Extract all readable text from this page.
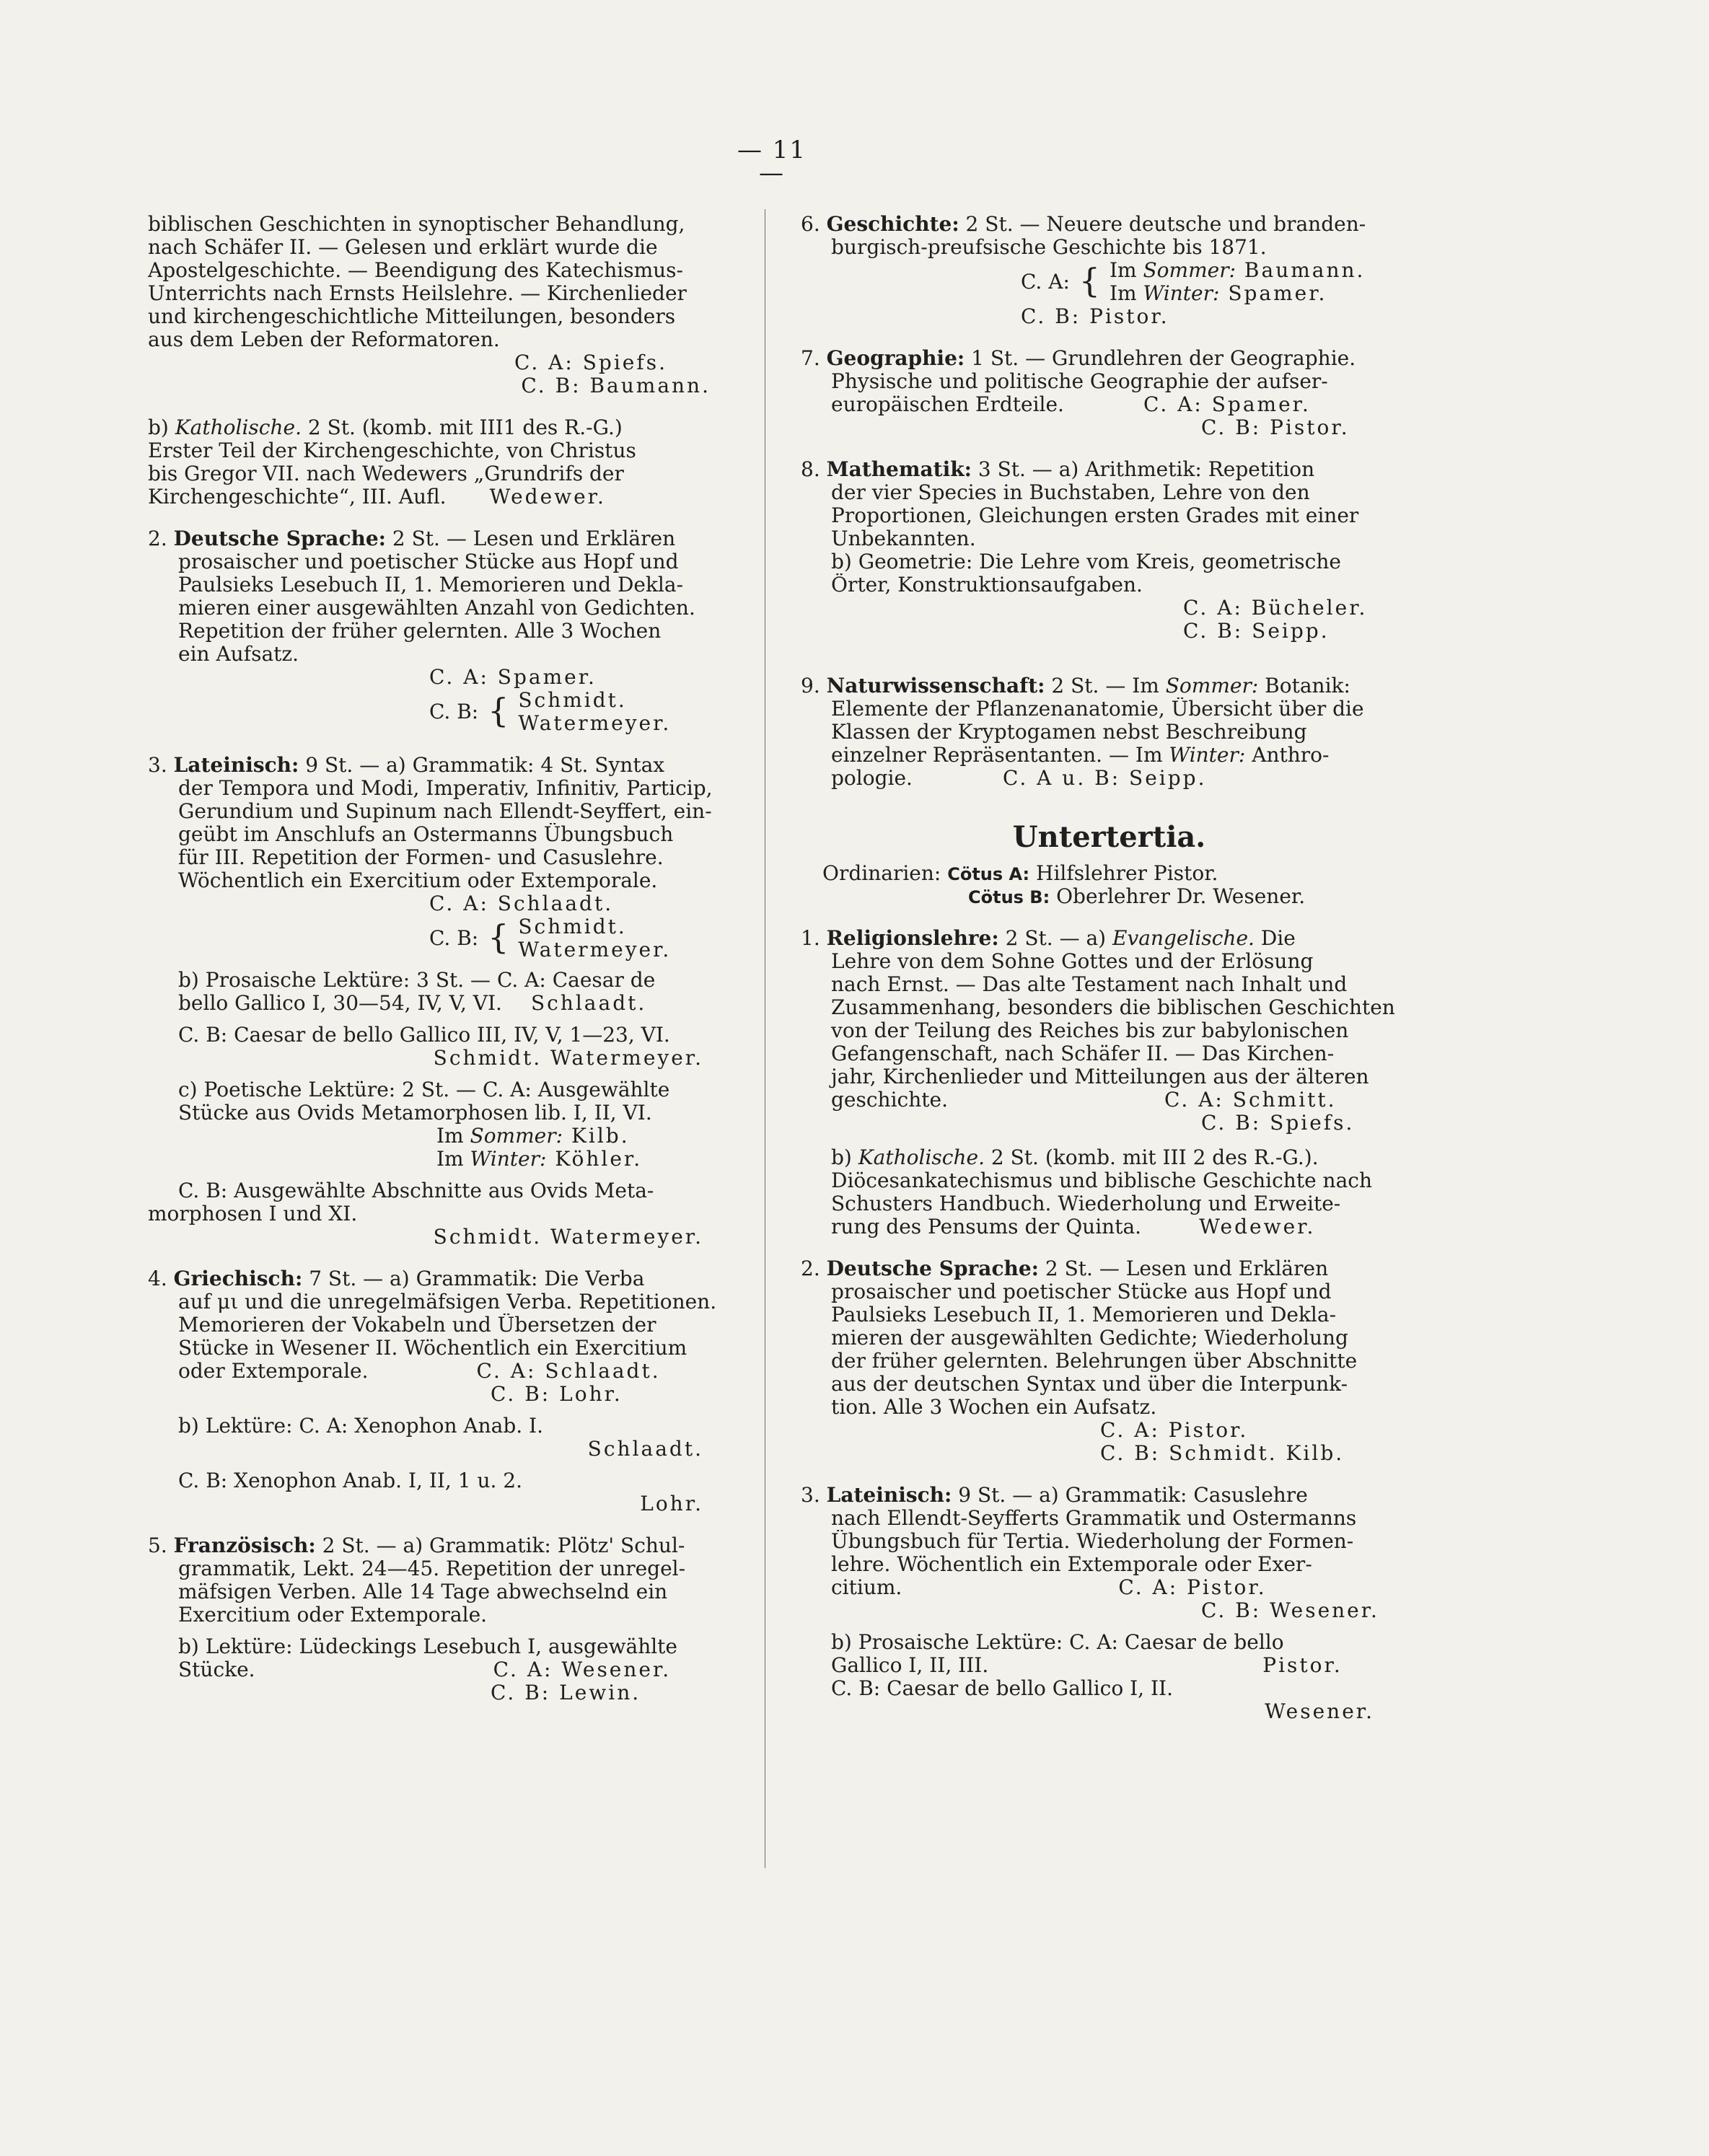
— 11 —
biblischen Geschichten in synoptischer Behandlung,
nach Schäfer II. — Gelesen und erklärt wurde die
Apostelgeschichte. — Beendigung des Katechismus-
Unterrichts nach Ernsts Heilslehre. — Kirchenlieder
und kirchengeschichtliche Mitteilungen, besonders
aus dem Leben der Reformatoren.
C. A: Spiefs.
C. B: Baumann.
b) Katholische. 2 St. (komb. mit III1 des R.-G.)
Erster Teil der Kirchengeschichte, von Christus
bis Gregor VII. nach Wedewers „Grundrifs der
Kirchengeschichte“, III. Aufl. Wedewer.
2. Deutsche Sprache: 2 St. — Lesen und Erklären
prosaischer und poetischer Stücke aus Hopf und
Paulsieks Lesebuch II, 1. Memorieren und Dekla-
mieren einer ausgewählten Anzahl von Gedichten.
Repetition der früher gelernten. Alle 3 Wochen
ein Aufsatz.
C. A: Spamer.
C. B: { Schmidt.
Watermeyer.
3. Lateinisch: 9 St. — a) Grammatik: 4 St. Syntax
der Tempora und Modi, Imperativ, Infinitiv, Particip,
Gerundium und Supinum nach Ellendt-Seyffert, ein-
geübt im Anschlufs an Ostermanns Übungsbuch
für III. Repetition der Formen- und Casuslehre.
Wöchentlich ein Exercitium oder Extemporale.
C. A: Schlaadt.
C. B: { Schmidt.
Watermeyer.
b) Prosaische Lektüre: 3 St. — C. A: Caesar de
bello Gallico I, 30—54, IV, V, VI. Schlaadt.
C. B: Caesar de bello Gallico III, IV, V, 1—23, VI.
Schmidt. Watermeyer.
c) Poetische Lektüre: 2 St. — C. A: Ausgewählte
Stücke aus Ovids Metamorphosen lib. I, II, VI.
Im Sommer: Kilb.
Im Winter: Köhler.
C. B: Ausgewählte Abschnitte aus Ovids Meta-
morphosen I und XI.
Schmidt. Watermeyer.
4. Griechisch: 7 St. — a) Grammatik: Die Verba
auf μι und die unregelmäfsigen Verba. Repetitionen.
Memorieren der Vokabeln und Übersetzen der
Stücke in Wesener II. Wöchentlich ein Exercitium
oder Extemporale.	C. A: Schlaadt.
C. B: Lohr.
b) Lektüre: C. A: Xenophon Anab. I.
Schlaadt.
C. B: Xenophon Anab. I, II, 1 u. 2.
Lohr.
5. Französisch: 2 St. — a) Grammatik: Plötz' Schul-
grammatik, Lekt. 24—45. Repetition der unregel-
mäfsigen Verben. Alle 14 Tage abwechselnd ein
Exercitium oder Extemporale.
b) Lektüre: Lüdeckings Lesebuch I, ausgewählte
Stücke.	C. A: Wesener.
C. B: Lewin.
6. Geschichte: 2 St. — Neuere deutsche und branden-
burgisch-preufsische Geschichte bis 1871.
C. A: { Im Sommer: Baumann.
Im Winter: Spamer.
C. B: Pistor.
7. Geographie: 1 St. — Grundlehren der Geographie.
Physische und politische Geographie der aufser-
europäischen Erdteile.	C. A: Spamer.
C. B: Pistor.
8. Mathematik: 3 St. — a) Arithmetik: Repetition
der vier Species in Buchstaben, Lehre von den
Proportionen, Gleichungen ersten Grades mit einer
Unbekannten.
b) Geometrie: Die Lehre vom Kreis, geometrische
Örter, Konstruktionsaufgaben.
C. A: Bücheler.
C. B: Seipp.
9. Naturwissenschaft: 2 St. — Im Sommer: Botanik:
Elemente der Pflanzenanatomie, Übersicht über die
Klassen der Kryptogamen nebst Beschreibung
einzelner Repräsentanten. — Im Winter: Anthro-
pologie.	C. A u. B: Seipp.
Untertertia.
Ordinarien: Cötus A: Hilfslehrer Pistor.
Cötus B: Oberlehrer Dr. Wesener.
1. Religionslehre: 2 St. — a) Evangelische. Die
Lehre von dem Sohne Gottes und der Erlösung
nach Ernst. — Das alte Testament nach Inhalt und
Zusammenhang, besonders die biblischen Geschichten
von der Teilung des Reiches bis zur babylonischen
Gefangenschaft, nach Schäfer II. — Das Kirchen-
jahr, Kirchenlieder und Mitteilungen aus der älteren
geschichte.	C. A: Schmitt.
C. B: Spiefs.
b) Katholische. 2 St. (komb. mit III 2 des R.-G.).
Diöcesankatechismus und biblische Geschichte nach
Schusters Handbuch. Wiederholung und Erweite-
rung des Pensums der Quinta.	Wedewer.
2. Deutsche Sprache: 2 St. — Lesen und Erklären
prosaischer und poetischer Stücke aus Hopf und
Paulsieks Lesebuch II, 1. Memorieren und Dekla-
mieren der ausgewählten Gedichte; Wiederholung
der früher gelernten. Belehrungen über Abschnitte
aus der deutschen Syntax und über die Interpunk-
tion. Alle 3 Wochen ein Aufsatz.
C. A: Pistor.
C. B: Schmidt. Kilb.
3. Lateinisch: 9 St. — a) Grammatik: Casuslehre
nach Ellendt-Seyfferts Grammatik und Ostermanns
Übungsbuch für Tertia. Wiederholung der Formen-
lehre. Wöchentlich ein Extemporale oder Exer-
citium.	C. A: Pistor.
C. B: Wesener.
b) Prosaische Lektüre: C. A: Caesar de bello
Gallico I, II, III.	Pistor.
C. B: Caesar de bello Gallico I, II.
Wesener.
